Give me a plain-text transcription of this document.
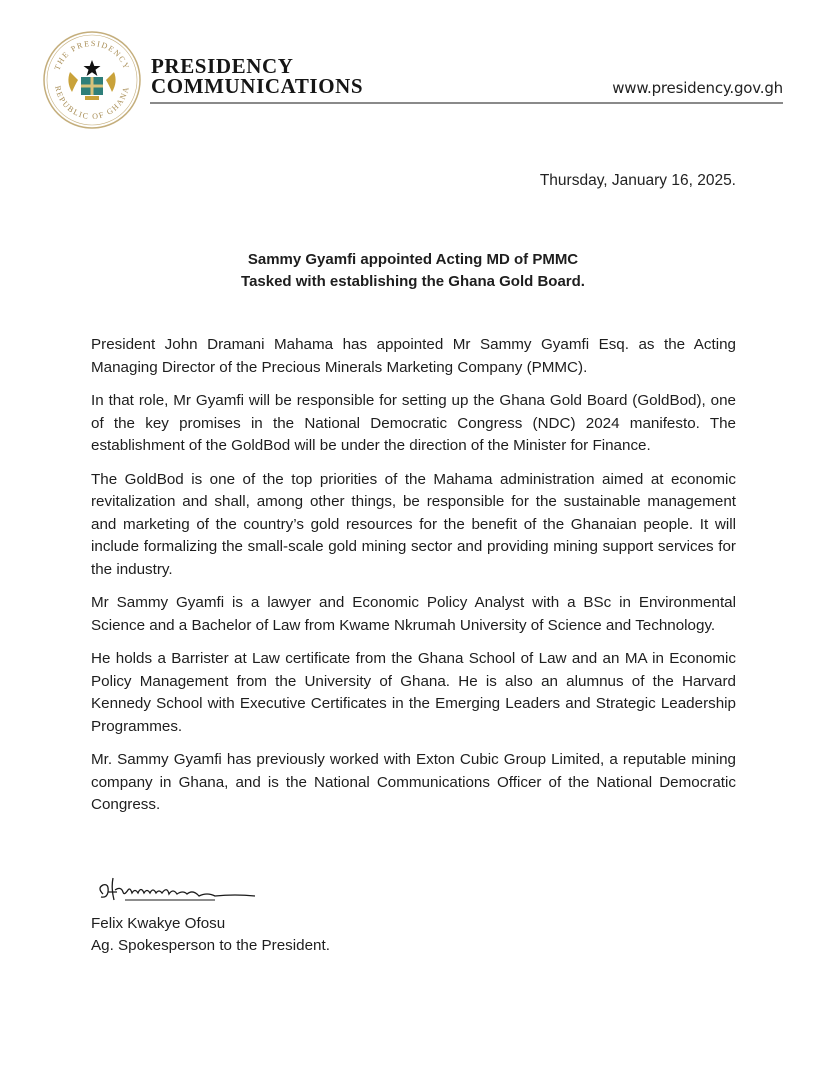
THE PRESIDENCY
REPUBLIC OF GHANA
PRESIDENCY
COMMUNICATIONS	www.presidency.gov.gh
Thursday, January 16, 2025.
Sammy Gyamfi appointed Acting MD of PMMC
Tasked with establishing the Ghana Gold Board.

President John Dramani Mahama has appointed Mr Sammy Gyamfi Esq. as the Acting Managing Director of the Precious Minerals Marketing Company (PMMC).

In that role, Mr Gyamfi will be responsible for setting up the Ghana Gold Board (GoldBod), one of the key promises in the National Democratic Congress (NDC) 2024 manifesto. The establishment of the GoldBod will be under the direction of the Minister for Finance.

The GoldBod is one of the top priorities of the Mahama administration aimed at economic revitalization and shall, among other things, be responsible for the sustainable management and marketing of the country’s gold resources for the benefit of the Ghanaian people. It will include formalizing the small-scale gold mining sector and providing mining support services for the industry.

Mr Sammy Gyamfi is a lawyer and Economic Policy Analyst with a BSc in Environmental Science and a Bachelor of Law from Kwame Nkrumah University of Science and Technology.

He holds a Barrister at Law certificate from the Ghana School of Law and an MA in Economic Policy Management from the University of Ghana. He is also an alumnus of the Harvard Kennedy School with Executive Certificates in the Emerging Leaders and Strategic Leadership Programmes.

Mr. Sammy Gyamfi has previously worked with Exton Cubic Group Limited, a reputable mining company in Ghana, and is the National Communications Officer of the National Democratic Congress.

Felix Kwakye Ofosu
Ag. Spokesperson to the President.
